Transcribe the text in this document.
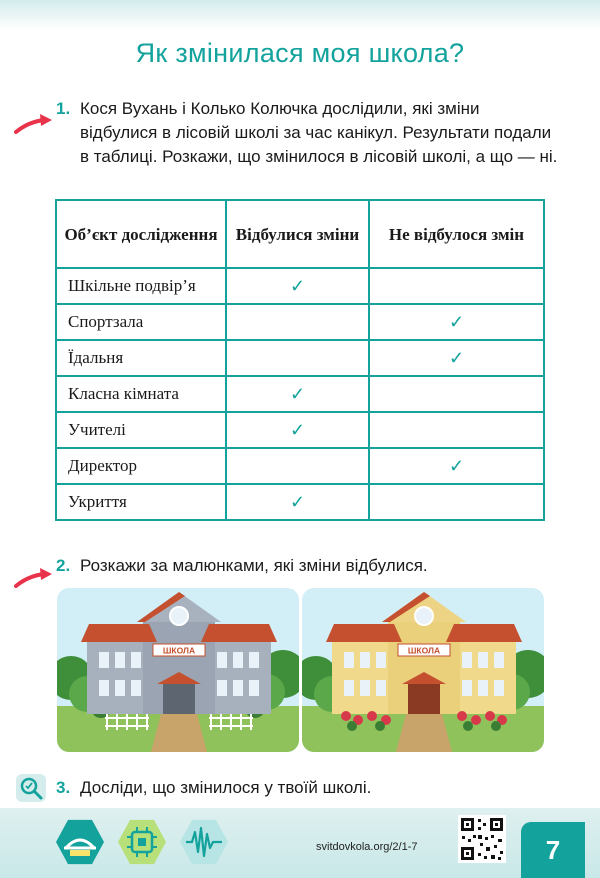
Як змінилася моя школа?
1. Кося Вухань і Колько Колючка дослідили, які зміни відбулися в лісовій школі за час канікул. Результати подали в таблиці. Розкажи, що змінилося в лісовій школі, а що — ні.
Об’єкт дослідження	Відбулися зміни	Не відбулося змін
Шкільне подвір’я	✓	
Спортзала		✓
Їдальня		✓
Класна кімната	✓	
Учителі	✓	
Директор		✓
Укриття	✓	
2. Розкажи за малюнками, які зміни відбулися.
ШКОЛА	ШКОЛА
3. Досліди, що змінилося у твоїй школі.
svitdovkola.org/2/1-7	7
